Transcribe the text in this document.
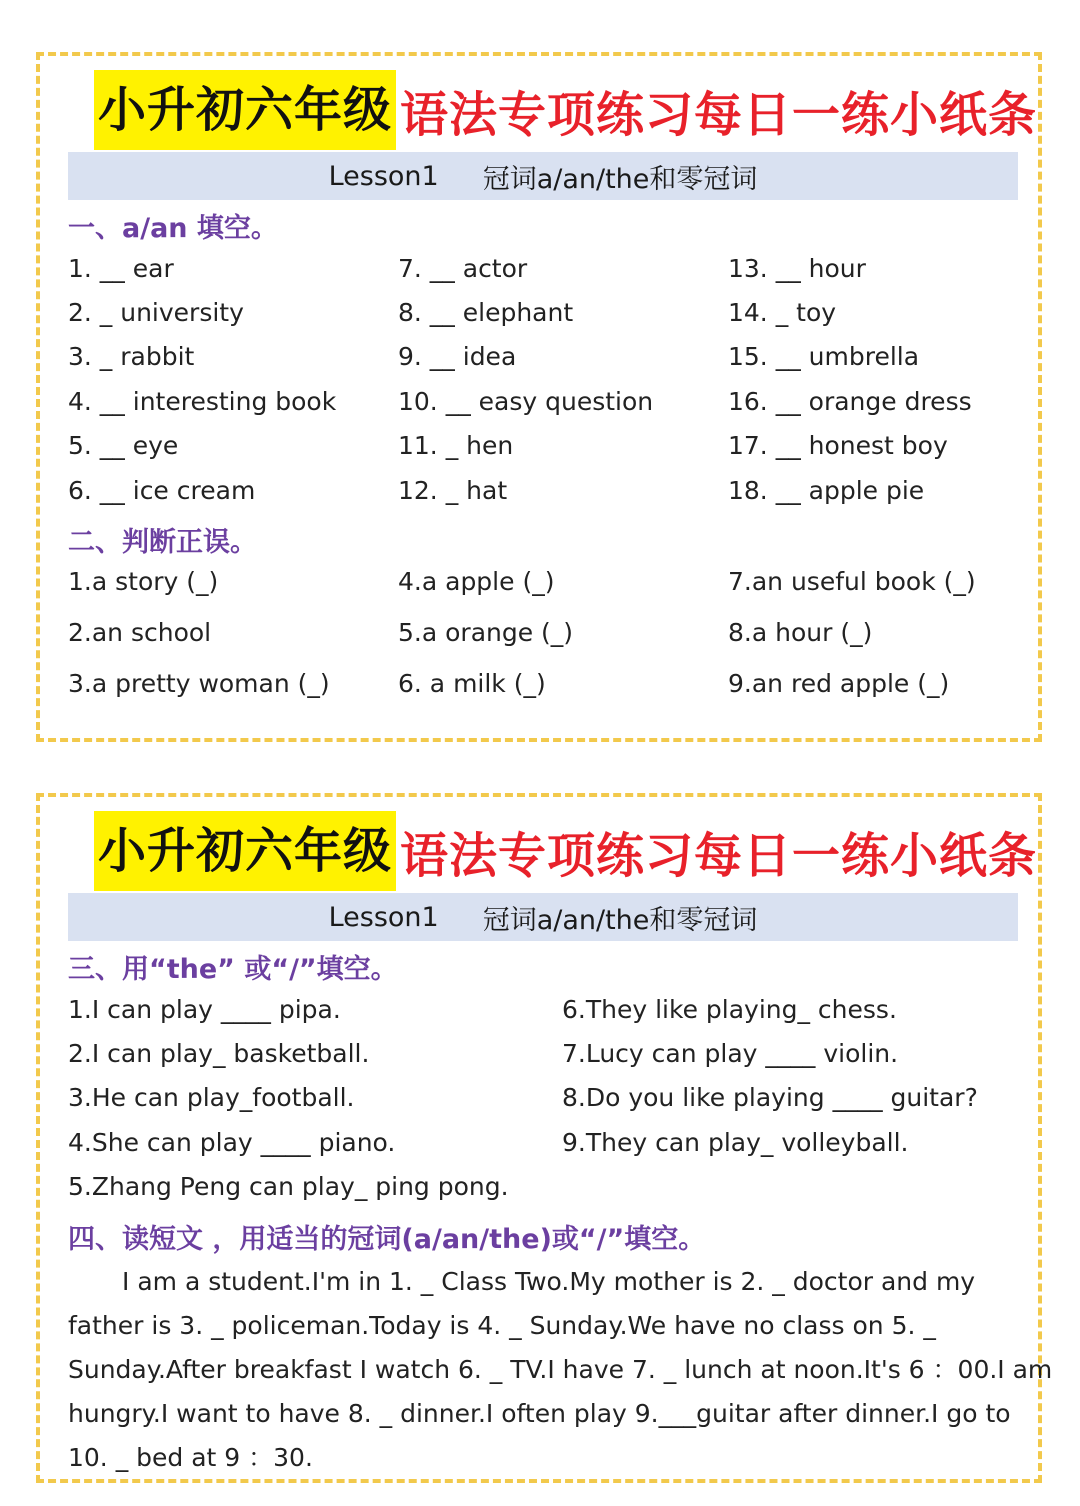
小升初六年级 语法专项练习每日一练小纸条
Lesson1 冠词a/an/the和零冠词
一、a/an 填空。
1. __ ear
2. _ university
3. _ rabbit
4. __ interesting book
5. __ eye
6. __ ice cream
7. __ actor
8. __ elephant
9. __ idea
10. __ easy question
11. _ hen
12. _ hat
13. __ hour
14. _ toy
15. __ umbrella
16. __ orange dress
17. __ honest boy
18. __ apple pie
二、判断正误。
1.a story (_)
2.an school
3.a pretty woman (_)
4.a apple (_)
5.a orange (_)
6. a milk (_)
7.an useful book (_)
8.a hour (_)
9.an red apple (_)
小升初六年级 语法专项练习每日一练小纸条
Lesson1 冠词a/an/the和零冠词
三、用“the” 或“/”填空。
1.I can play ____ pipa.
2.I can play_ basketball.
3.He can play_football.
4.She can play ____ piano.
5.Zhang Peng can play_ ping pong.
6.They like playing_ chess.
7.Lucy can play ____ violin.
8.Do you like playing ____ guitar?
9.They can play_ volleyball.
四、读短文 ，用适当的冠词(a/an/the)或“/”填空。
I am a student.I'm in 1. _ Class Two.My mother is 2. _ doctor and my
father is 3. _ policeman.Today is 4. _ Sunday.We have no class on 5. _
Sunday.After breakfast I watch 6. _ TV.I have 7. _ lunch at noon.It's 6 ：00.I am
hungry.I want to have 8. _ dinner.I often play 9.___guitar after dinner.I go to
10. _ bed at 9 ：30.
